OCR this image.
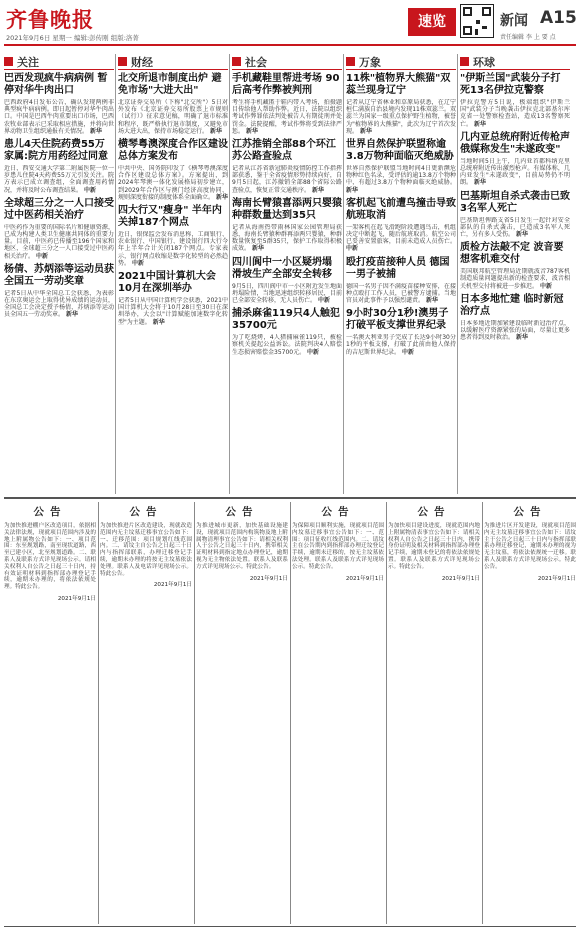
齐鲁晚报
2021年9月6日 星期一 编辑:彭传刚 组版:洛菁
速览	新闻 A15
责任编辑 李 上 要 点
关注
巴西发现疯牛病病例 暂停对华牛肉出口
巴西政府4日发布公告，确认发现两例非典型疯牛病病例。即日起暂停对华牛肉出口。中国是巴西牛肉重要出口市场，巴西农牧业部表示已采取相应措施，并将向世界动物卫生组织通报有关情况。 新华
患儿4天住院药费55万家属:院方用药经过同意
近日，西安交通大学第二附属医院一位一岁患儿住院4天药费55万元引发关注。院方表示已成立调查组，全面调查用药情况，并将及时公布调查结果。 中新
全球超三分之一人口接受过中医药相关治疗
中医药作为重要的国际名片和健康资源，已成为构建人类卫生健康共同体的重要力量。目前，中医药已传播至196个国家和地区，全球超三分之一人口接受过中医药相关治疗。 中新
杨倩、苏炳添等运动员获全国五一劳动奖章
记者5日从中华全国总工会获悉，为表彰在东京奥运会上取得优异成绩的运动员，全国总工会决定授予杨倩、苏炳添等运动员全国五一劳动奖章。 新华
财经
北交所退市制度出炉 避免市场"大进大出"
北京证券交易所（下称"北交所"）5日对外发布《北京证券交易所股票上市规则（试行）》征求意见稿，明确了退市标准和程序，既严格执行退市制度，又避免市场大进大出，保持市场稳定运行。 新华
横琴粤澳深度合作区建设总体方案发布
中共中央、国务院印发了《横琴粤澳深度合作区建设总体方案》。方案提出，到2024年琴澳一体化发展格局初步建立，到2029年合作区与澳门经济高度协同、规则深度衔接的制度体系全面确立。 新华
四大行又"瘦身" 半年内关掉187个网点
近日，银保监会发布消息称，工商银行、农业银行、中国银行、建设银行四大行今年上半年合计关闭187个网点。专家表示，银行网点收缩是数字化转型的必然趋势。 中新
2021中国计算机大会10月在深圳举办
记者5日从中国计算机学会获悉，2021中国计算机大会将于10月28日至30日在深圳举办，大会以"计算赋能加速数字化转型"为主题。 新华
社会
手机藏鞋里帮进考场 90后高考作弊被判刑
考生将手机藏匿于鞋内带入考场，拍摄题目传给他人帮助作弊。近日，法院以组织考试作弊罪依法判处被告人有期徒刑并处罚金。法院提醒，考试作弊将受到法律严惩。 新华
江苏推销全部88个环江苏公路查验点
记者从江苏省新冠肺炎疫情防控工作指挥部获悉，鉴于全省疫情形势持续向好，自9月5日起，江苏撤销全部88个省际公路查验点，恢复正常交通秩序。 新华
海南长臂猿喜添两只婴猿种群数量达到35只
记者从海南热带雨林国家公园管理局获悉，海南长臂猿种群再添两只婴猿，种群数量恢复至5群35只，保护工作取得积极成效。 新华
四川阆中一小区疑坍塌 滑坡生产全部安全转移
9月5日，四川阆中市一小区附近发生地面坍塌险情，当地迅速组织转移居民，目前已全部安全转移，无人员伤亡。 中新
捕杀麻雀119只4人触犯35700元
为了吃烧烤，4人猎捕麻雀119只，被检察机关提起公益诉讼。法院判决4人赔偿生态损害赔偿金35700元。 中新
万象
11株"植物界大熊猫"双蕊兰现身辽宁
记者从辽宁省林业和草原局获悉，在辽宁桓仁满族自治县境内发现11株双蕊兰。双蕊兰为国家一级重点保护野生植物，被誉为"植物界的大熊猫"，此次为辽宁首次发现。 新华
世界自然保护联盟称逾3.8万物种面临灭绝威胁
世界自然保护联盟当地时间4日更新濒危物种红色名录，受评估的逾13.8万个物种中，有超过3.8万个物种面临灭绝威胁。 新华
客机起飞前遭鸟撞击导致航班取消
一架客机在起飞滑跑阶段遭遇鸟击，机组决定中断起飞，随后航班取消。航空公司已妥善安置旅客，目前未造成人员伤亡。 中新
殴打疫苗接种人员 德国一男子被捕
德国一名男子因不满疫苗接种安排，在接种点殴打工作人员，已被警方逮捕。当地官员对此事件予以强烈谴责。 新华
9小时30分1秒!澳男子打破平板支撑世界纪录
一名澳大利亚男子完成了长达9小时30分1秒的平板支撑，打破了此前由他人保持的吉尼斯世界纪录。 中新
环球
"伊斯兰国"武装分子打死13名伊拉克警察
伊拉克警方5日说，极端组织"伊斯兰国"武装分子当晚袭击伊拉克北部基尔库克省一处警察检查站，造成13名警察死亡。 新华
几内亚总统府附近传枪声 俄媒称发生"未遂政变"
当地时间5日上午，几内亚首都科纳克里总统府附近传出激烈枪声。有媒体称，几内亚发生"未遂政变"，目前局势仍不明朗。 新华
巴基斯坦自杀式袭击已致3名军人死亡
巴基斯坦俾路支省5日发生一起针对安全部队的自杀式袭击，已造成3名军人死亡，另有多人受伤。 新华
质检方法敲不定 波音要想客机难交付
美国联邦航空管理局近期就波音787客机制造质量问题提出新的检查要求，波音相关机型交付将被进一步推迟。 中新
日本多地忙建 临时新冠治疗点
日本多地近期加紧建设临时新冠治疗点，以缓解医疗资源紧张的局面，尽量让更多患者得到及时救治。 新华
公告
为加快推进棚户区改造项目，依据相关法律法规，现就项目范围内涉及的地上附属物公告如下：一、项目范围：东至规划路，南至现状道路，西至已建小区，北至规划道路。二、联系人及联系方式详见现场公示。请相关权利人自公告之日起三十日内，持有效证明材料到指挥部办理登记手续，逾期未办理的，将依法依规处理。特此公告。
2021年9月1日
公告
为加快推进片区改造建设，现就改造范围内无主坟墓迁移事宜公告如下：一、迁移范围：项目规划红线范围内。二、请坟主自公告之日起三十日内与指挥部联系，办理迁移登记手续，逾期未办理的将按无主坟墓依法处理。联系人及电话详见现场公示。特此公告。
2021年9月1日
公告
为推进城市更新，加快基础设施建设，现就项目范围内构筑物及地上附属物清理事宜公告如下：请相关权利人于公告之日起三十日内，携带相关证明材料到指定地点办理登记，逾期视为无主物依法处置。联系人及联系方式详见现场公示。特此公告。
2021年9月1日
公告
为保障项目顺利实施，现就项目范围内坟墓迁移事宜公告如下：一、范围：项目征收红线范围内。二、请坟主在公告期内到指挥部办理迁坟登记手续，逾期未迁移的，按无主坟墓依法处理。联系人及联系方式详见现场公示。特此公告。
2021年9月1日
公告
为加快项目建设进度，现就范围内地上附属物清表事宜公告如下：请相关权利人自公告之日起三十日内，携带身份证明及相关材料到指挥部办理登记手续，逾期未登记的将依法依规处置。联系人及联系方式详见现场公示。特此公告。
2021年9月1日
公告
为推进片区开发建设，现就项目范围内无主坟墓迁移事宜公告如下：请坟主于公告之日起三十日内与指挥部联系办理迁移登记，逾期未办理的视为无主坟墓，将依法依规统一迁移。联系人及联系方式详见现场公示。特此公告。
2021年9月1日
